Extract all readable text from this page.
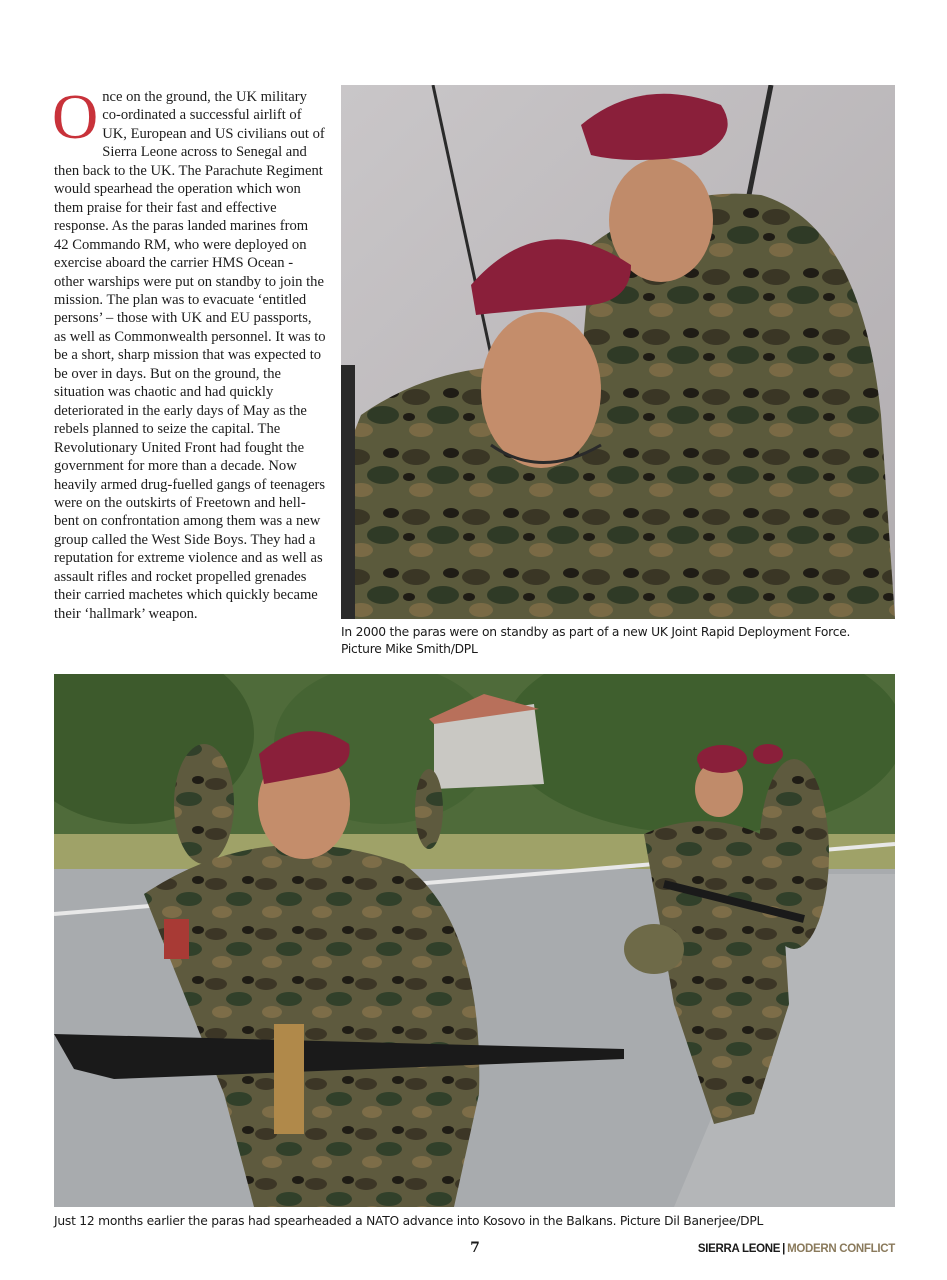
Once on the ground, the UK military co-ordinated a successful airlift of UK, European and US civilians out of Sierra Leone across to Senegal and then back to the UK. The Parachute Regiment would spearhead the operation which won them praise for their fast and effective response. As the paras landed marines from 42 Commando RM, who were deployed on exercise aboard the carrier HMS Ocean - other warships were put on standby to join the mission. The plan was to evacuate ‘entitled persons’ – those with UK and EU passports, as well as Commonwealth personnel. It was to be a short, sharp mission that was expected to be over in days. But on the ground, the situation was chaotic and had quickly deteriorated in the early days of May as the rebels planned to seize the capital. The Revolutionary United Front had fought the government for more than a decade. Now heavily armed drug-fuelled gangs of teenagers were on the outskirts of Freetown and hell-bent on confrontation among them was a new group called the West Side Boys. They had a reputation for extreme violence and as well as assault rifles and rocket propelled grenades their carried machetes which quickly became their ‘hallmark’ weapon.

In 2000 the paras were on standby as part of a new UK Joint Rapid Deployment Force. Picture Mike Smith/DPL

Just 12 months earlier the paras had spearheaded a NATO advance into Kosovo in the Balkans. Picture Dil Banerjee/DPL

7	SIERRA LEONE | MODERN CONFLICT
